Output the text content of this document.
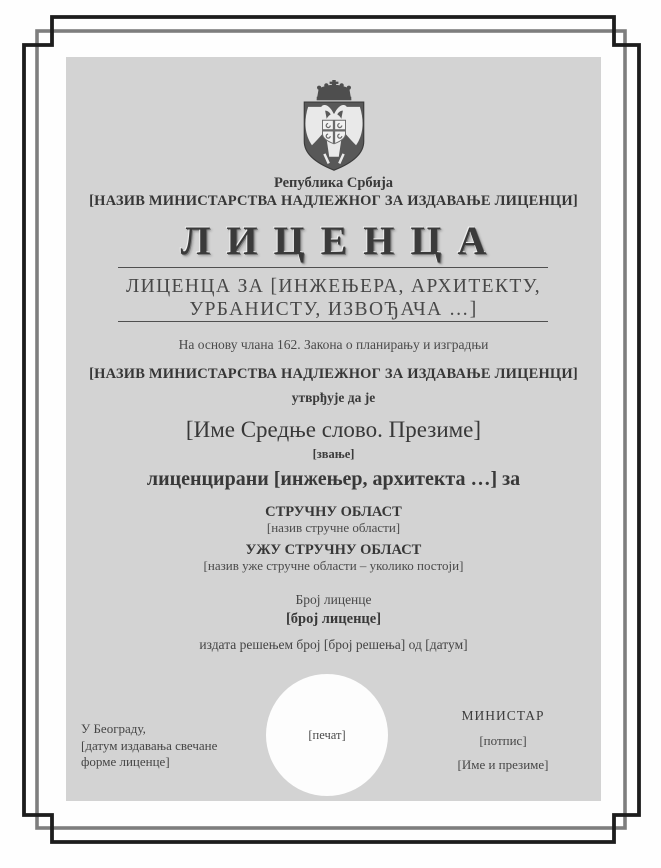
Република Србија
[НАЗИВ МИНИСТАРСТВА НАДЛЕЖНОГ ЗА ИЗДАВАЊЕ ЛИЦЕНЦИ]
ЛИЦЕНЦА
ЛИЦЕНЦА ЗА [ИНЖЕЊЕРА, АРХИТЕКТУ,
УРБАНИСТУ, ИЗВОЂАЧА …]
На основу члана 162. Закона о планирању и изградњи
[НАЗИВ МИНИСТАРСТВА НАДЛЕЖНОГ ЗА ИЗДАВАЊЕ ЛИЦЕНЦИ]
утврђује да је
[Име Средње слово. Презиме]
[звање]
лиценцирани [инжењер, архитекта …] за
СТРУЧНУ ОБЛАСТ
[назив стручне области]
УЖУ СТРУЧНУ ОБЛАСТ
[назив уже стручне области – уколико постоји]
Број лиценце
[број лиценце]
издата решењем број [број решења] од [датум]
У Београду,
[датум издавања свечане
форме лиценце]
[печат]
МИНИСТАР
[потпис]
[Име и презиме]
